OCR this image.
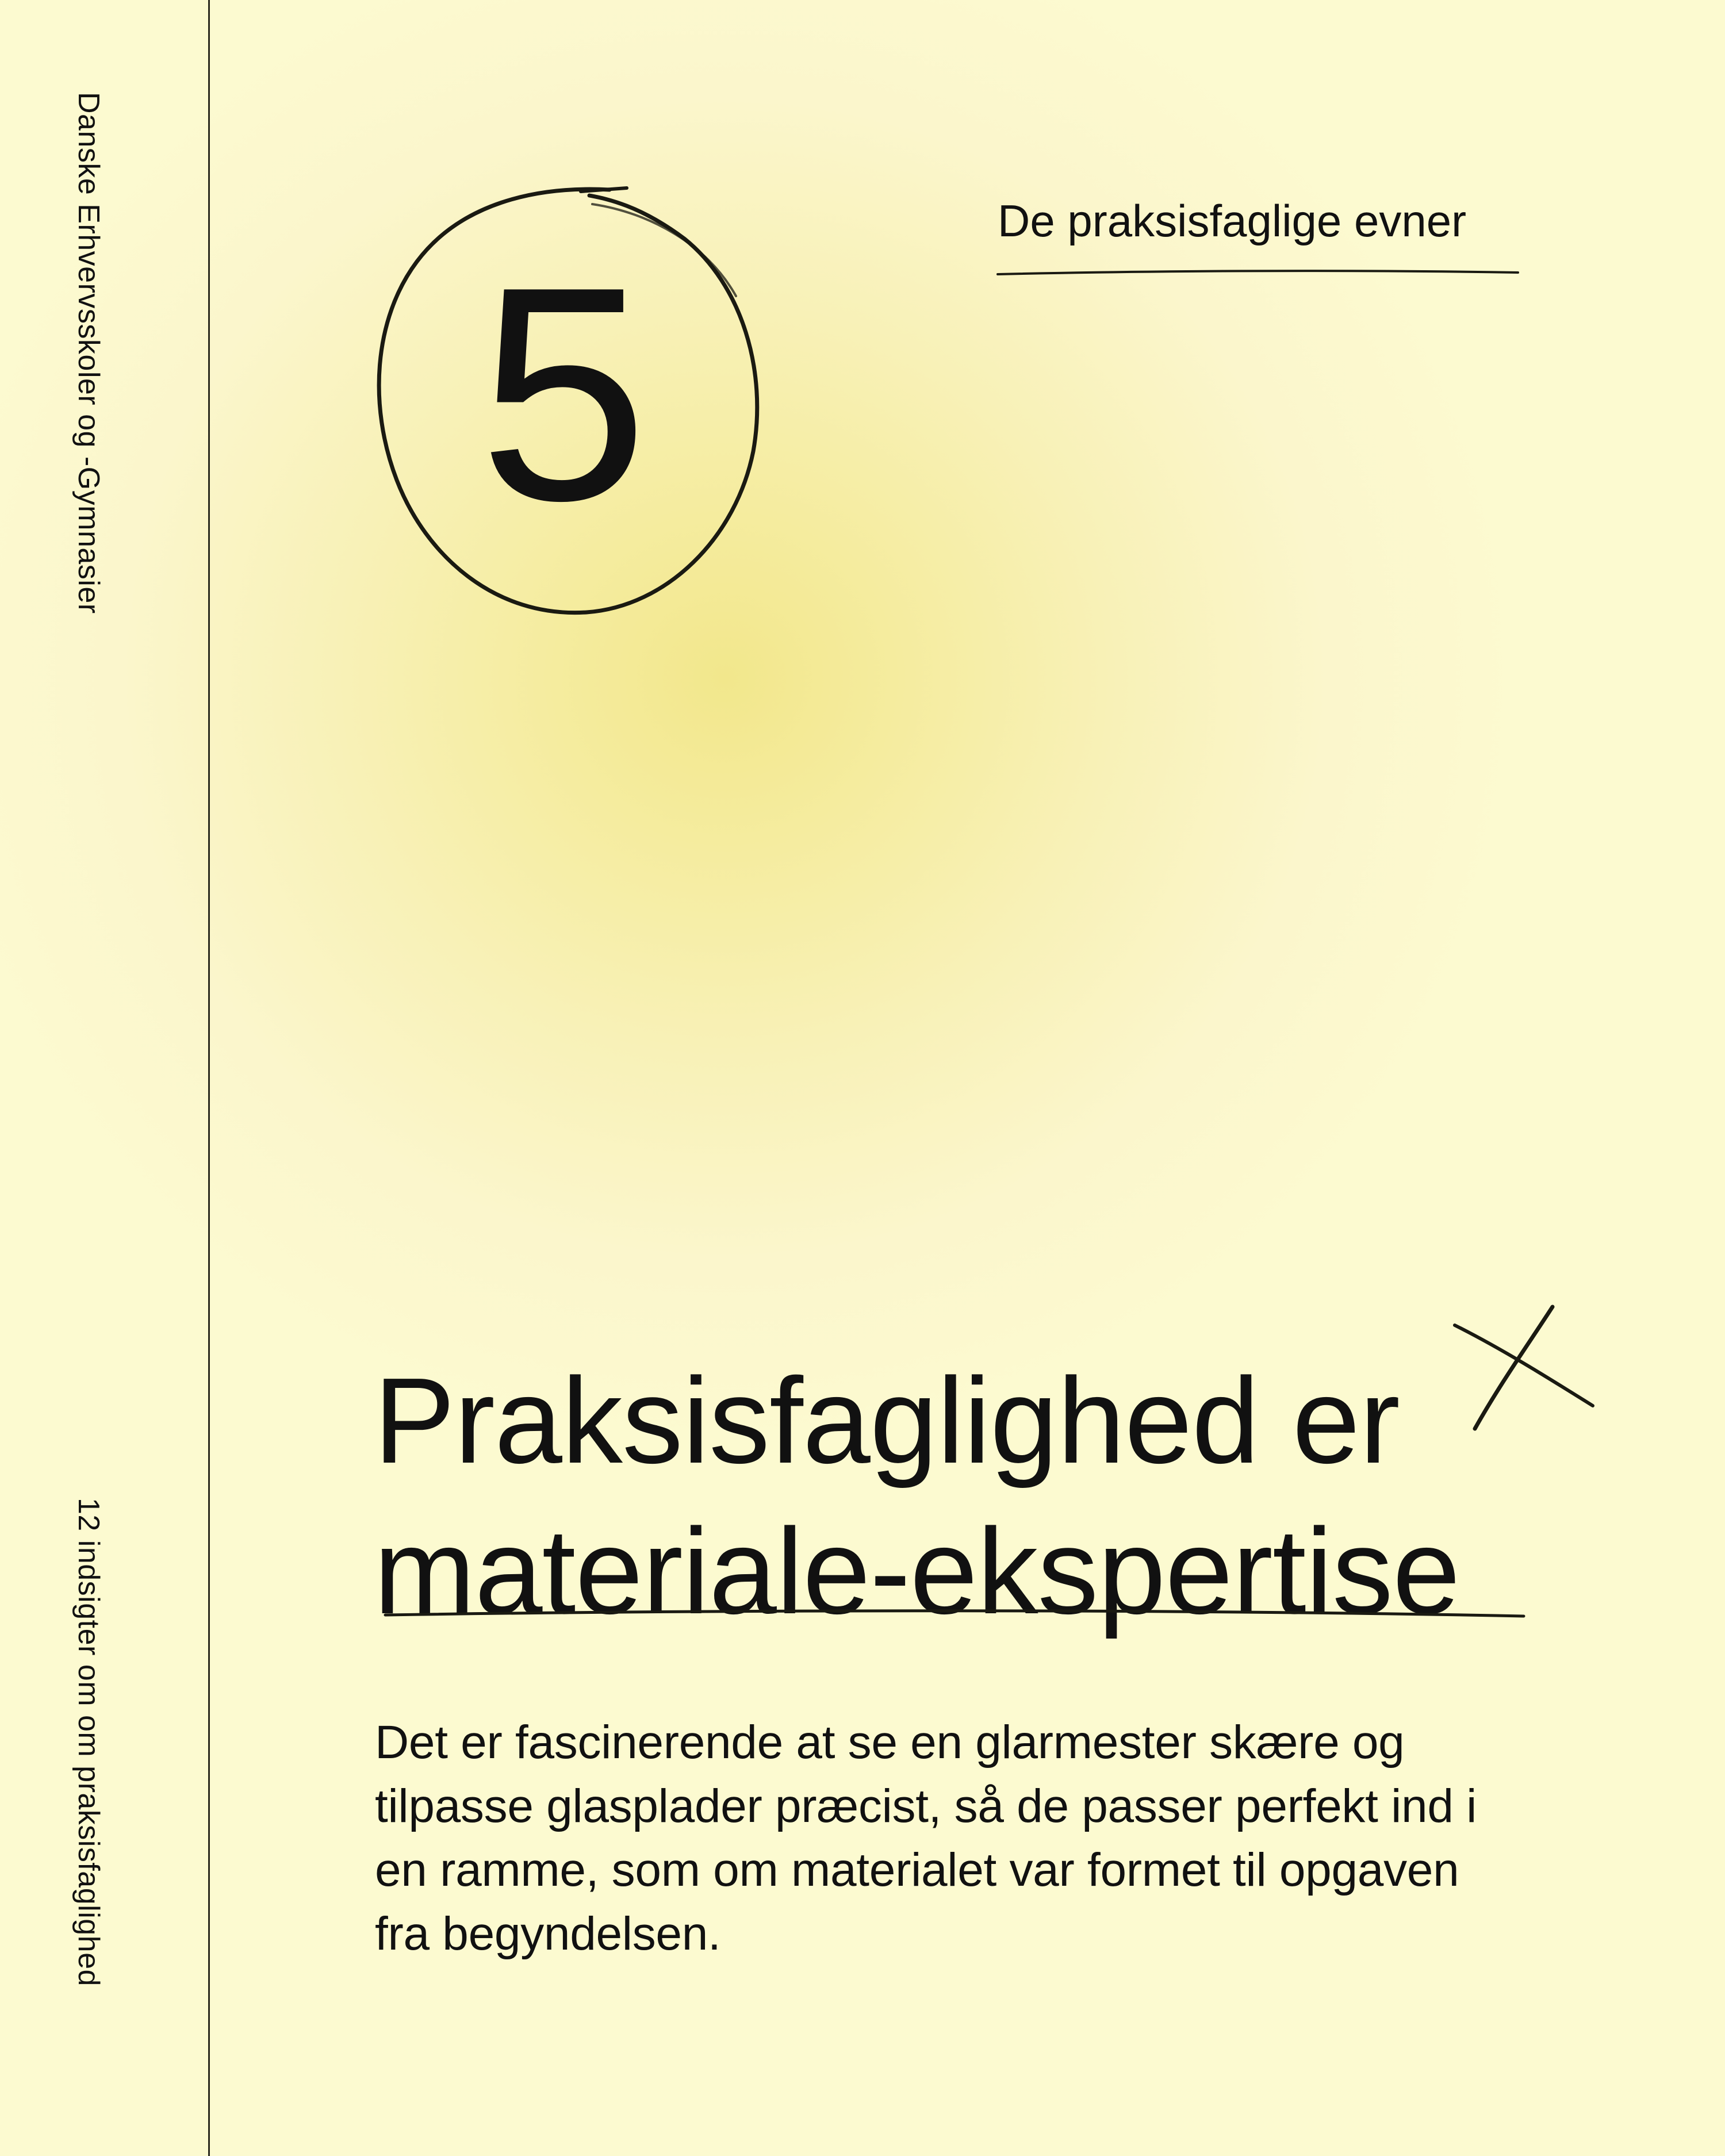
Danske Erhvervsskoler og -Gymnasier
12 indsigter om om praksisfaglighed
5
De praksisfaglige evner
Praksisfaglighed er
materiale-ekspertise
Det er fascinerende at se en glarmester skære og tilpasse glasplader præcist, så de passer perfekt ind i en ramme, som om materialet var formet til opgaven fra begyndelsen.
